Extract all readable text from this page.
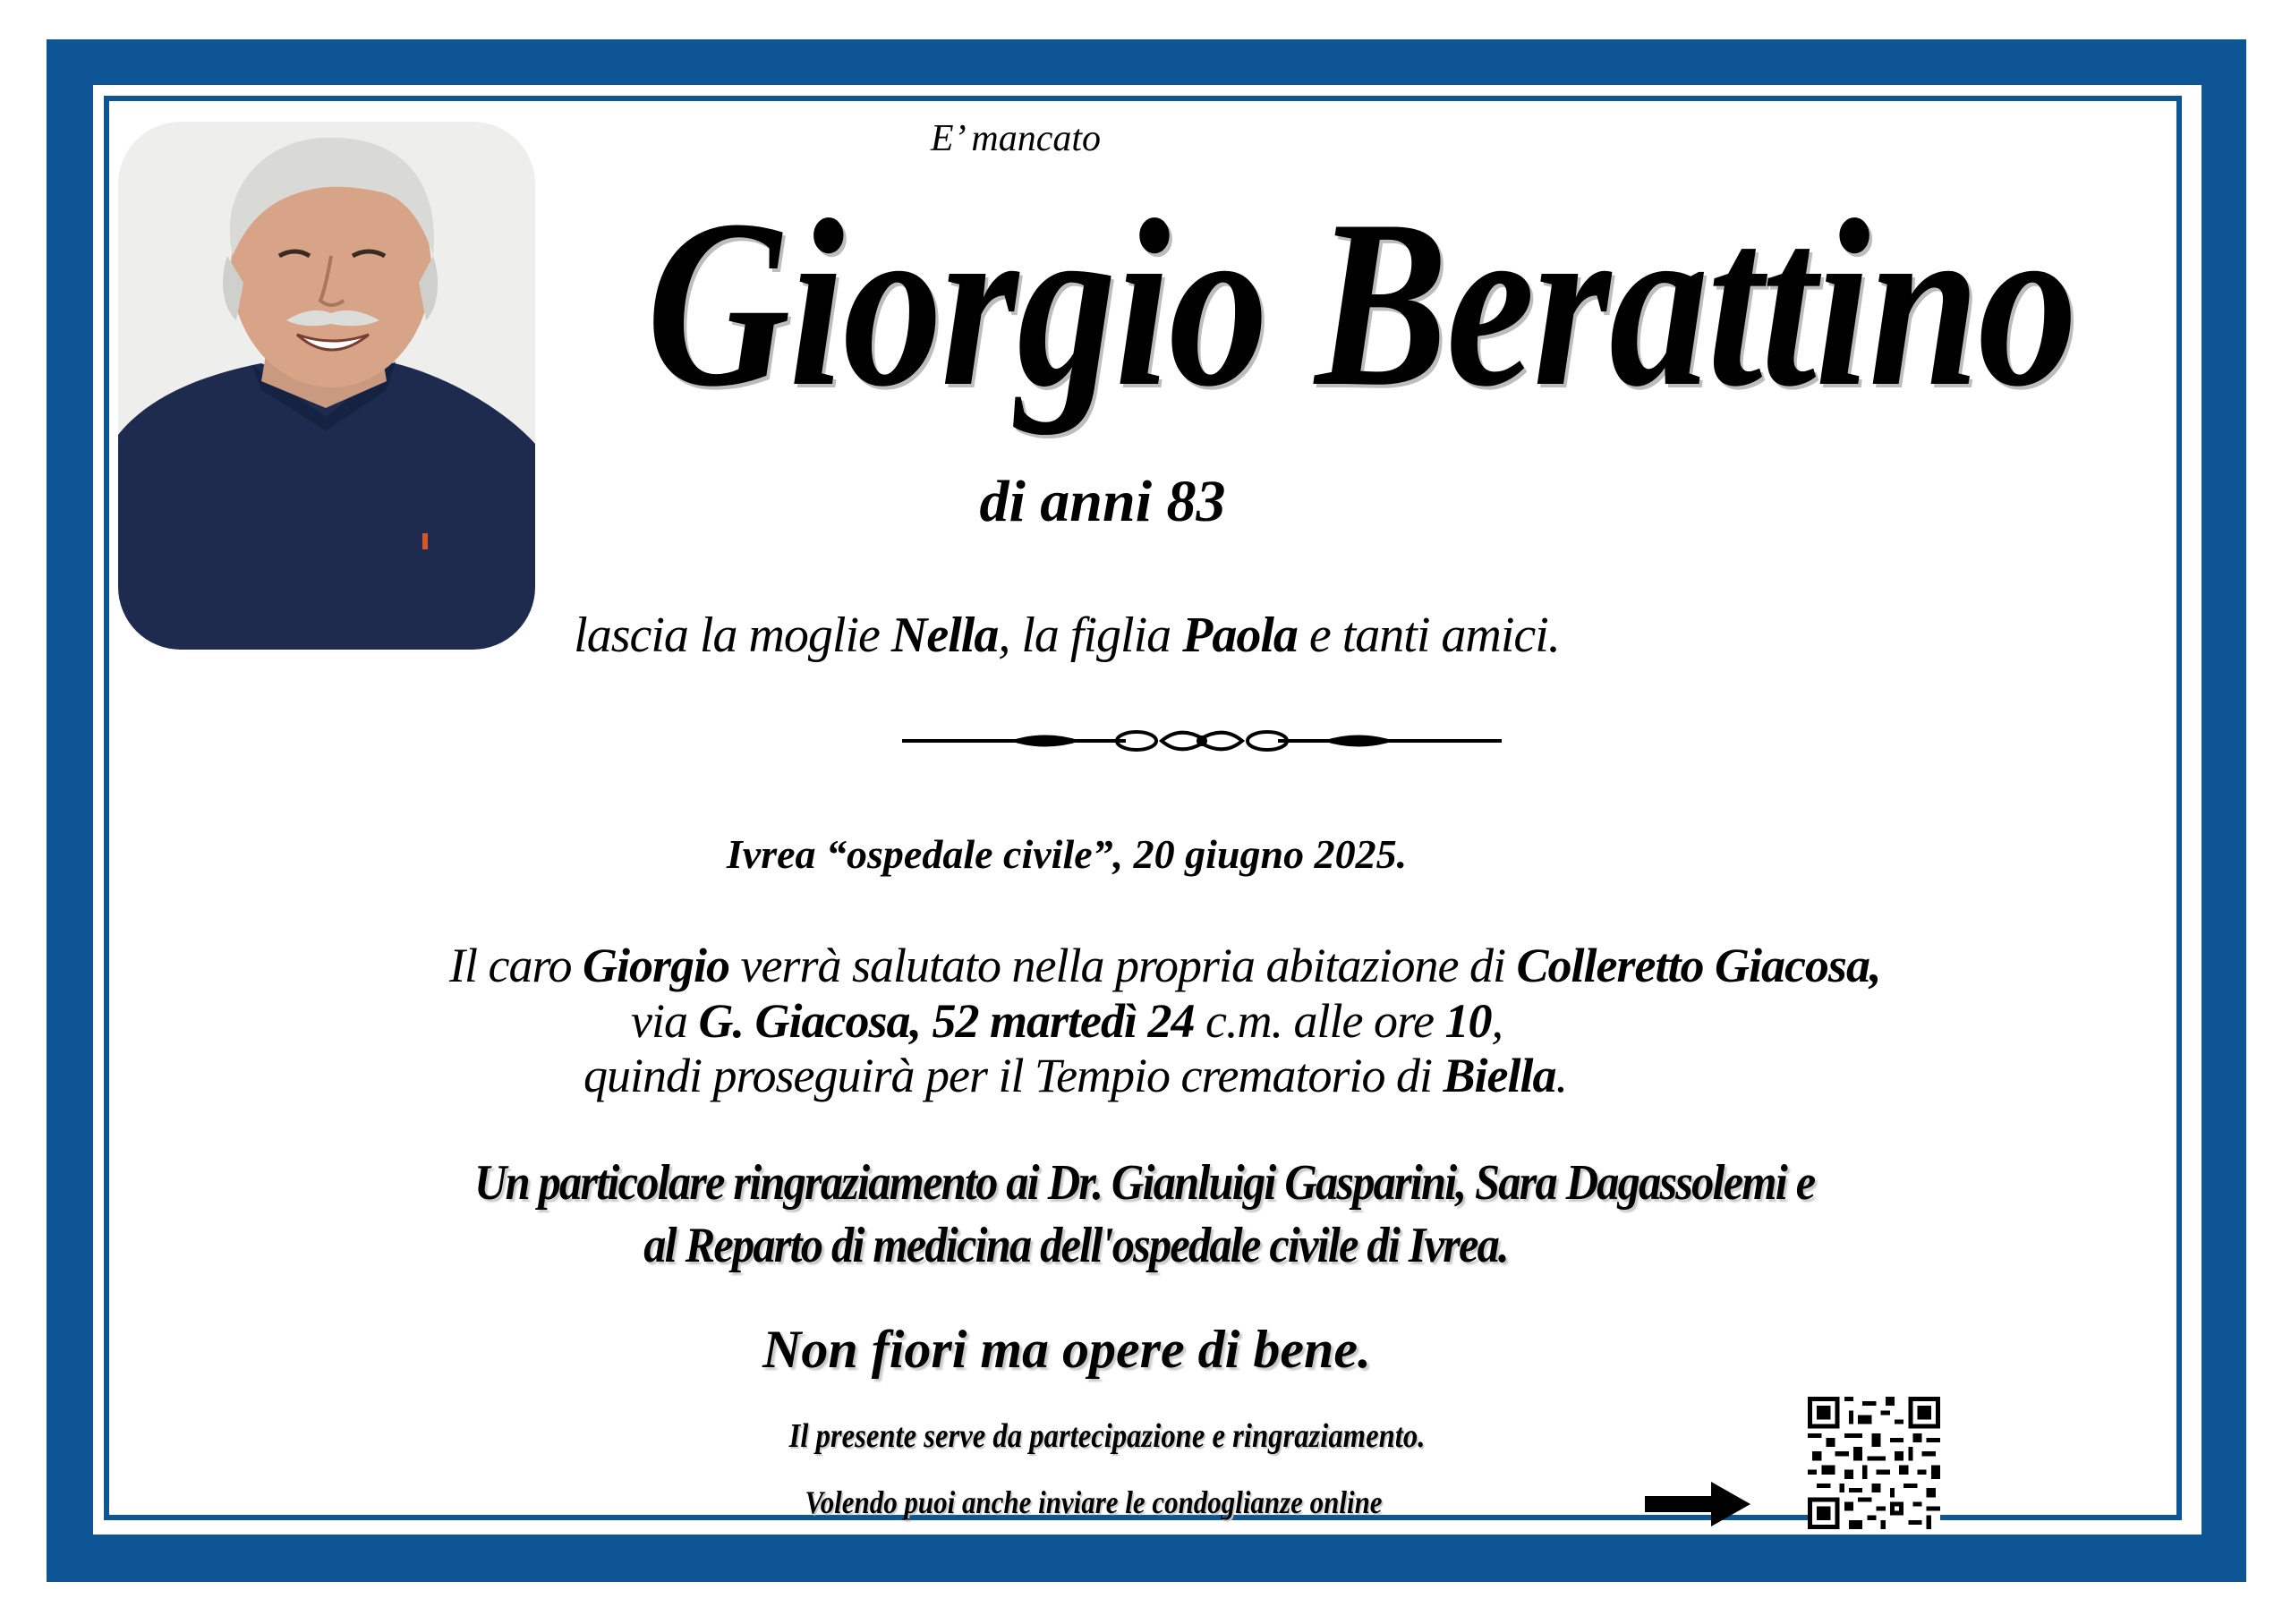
E’ mancato
Giorgio Berattino
di anni 83
lascia la moglie Nella, la figlia Paola e tanti amici.
Ivrea “ospedale civile”, 20 giugno 2025.
Il caro Giorgio verrà salutato nella propria abitazione di Colleretto Giacosa,
via G. Giacosa, 52 martedì 24 c.m. alle ore 10,
quindi proseguirà per il Tempio crematorio di Biella.
Un particolare ringraziamento ai Dr. Gianluigi Gasparini, Sara Dagassolemi e
al Reparto di medicina dell'ospedale civile di Ivrea.
Non fiori ma opere di bene.
Il presente serve da partecipazione e ringraziamento.
Volendo puoi anche inviare le condoglianze online
